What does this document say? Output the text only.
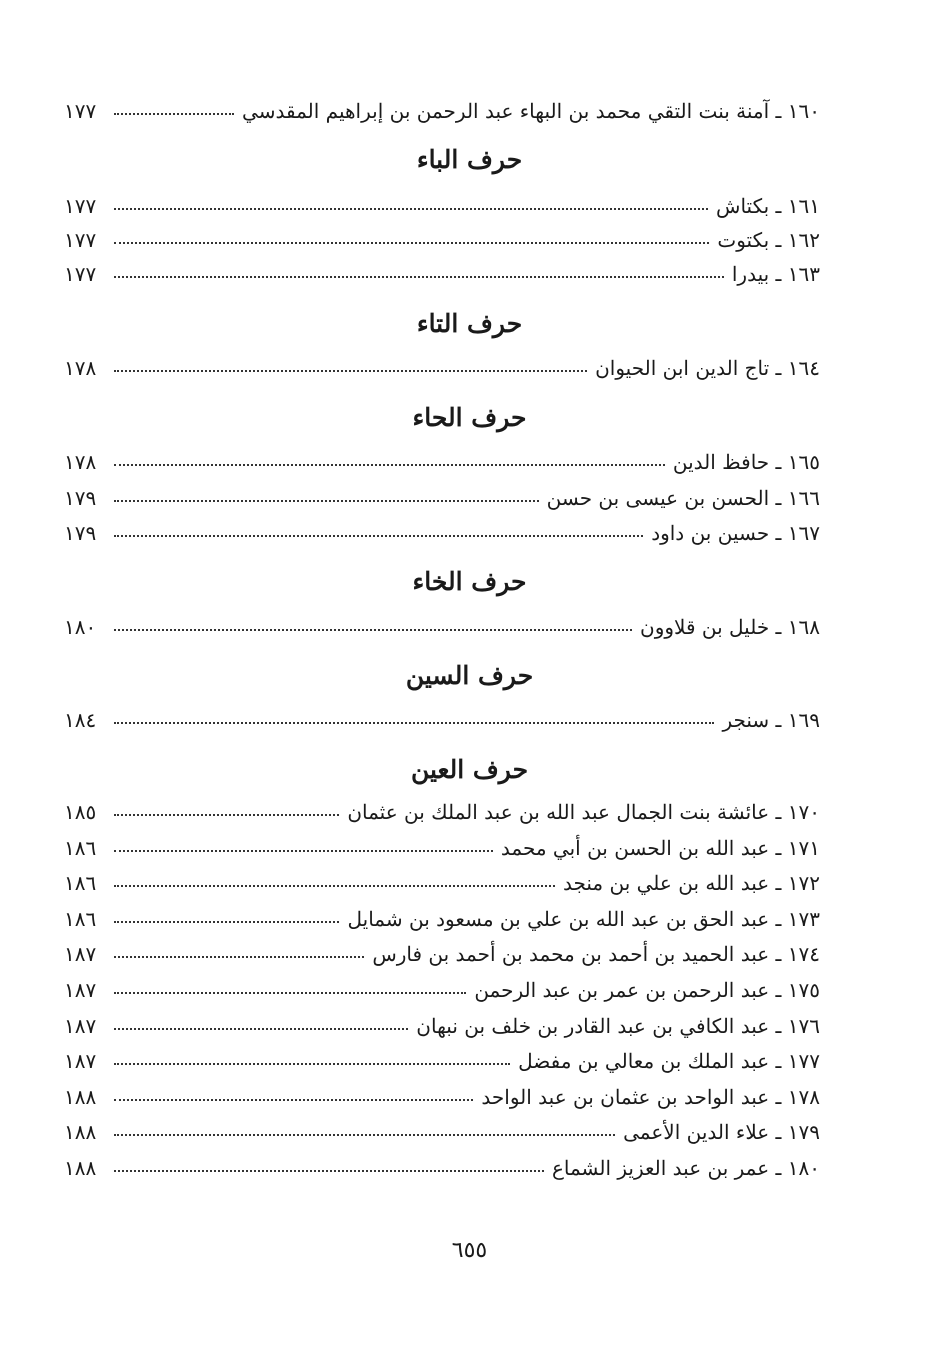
١٦٠
ـ
آمنة بنت التقي محمد بن البهاء عبد الرحمن بن إبراهيم المقدسي
١٧٧
حرف الباء
١٦١
ـ
بكتاش
١٧٧
١٦٢
ـ
بكتوت
١٧٧
١٦٣
ـ
بيدرا
١٧٧
حرف التاء
١٦٤
ـ
تاج الدين ابن الحيوان
١٧٨
حرف الحاء
١٦٥
ـ
حافظ الدين
١٧٨
١٦٦
ـ
الحسن بن عيسى بن حسن
١٧٩
١٦٧
ـ
حسين بن داود
١٧٩
حرف الخاء
١٦٨
ـ
خليل بن قلاوون
١٨٠
حرف السين
١٦٩
ـ
سنجر
١٨٤
حرف العين
١٧٠
ـ
عائشة بنت الجمال عبد الله بن عبد الملك بن عثمان
١٨٥
١٧١
ـ
عبد الله بن الحسن بن أبي محمد
١٨٦
١٧٢
ـ
عبد الله بن علي بن منجد
١٨٦
١٧٣
ـ
عبد الحق بن عبد الله بن علي بن مسعود بن شمايل
١٨٦
١٧٤
ـ
عبد الحميد بن أحمد بن محمد بن أحمد بن فارس
١٨٧
١٧٥
ـ
عبد الرحمن بن عمر بن عبد الرحمن
١٨٧
١٧٦
ـ
عبد الكافي بن عبد القادر بن خلف بن نبهان
١٨٧
١٧٧
ـ
عبد الملك بن معالي بن مفضل
١٨٧
١٧٨
ـ
عبد الواحد بن عثمان بن عبد الواحد
١٨٨
١٧٩
ـ
علاء الدين الأعمى
١٨٨
١٨٠
ـ
عمر بن عبد العزيز الشماع
١٨٨
٦٥٥
